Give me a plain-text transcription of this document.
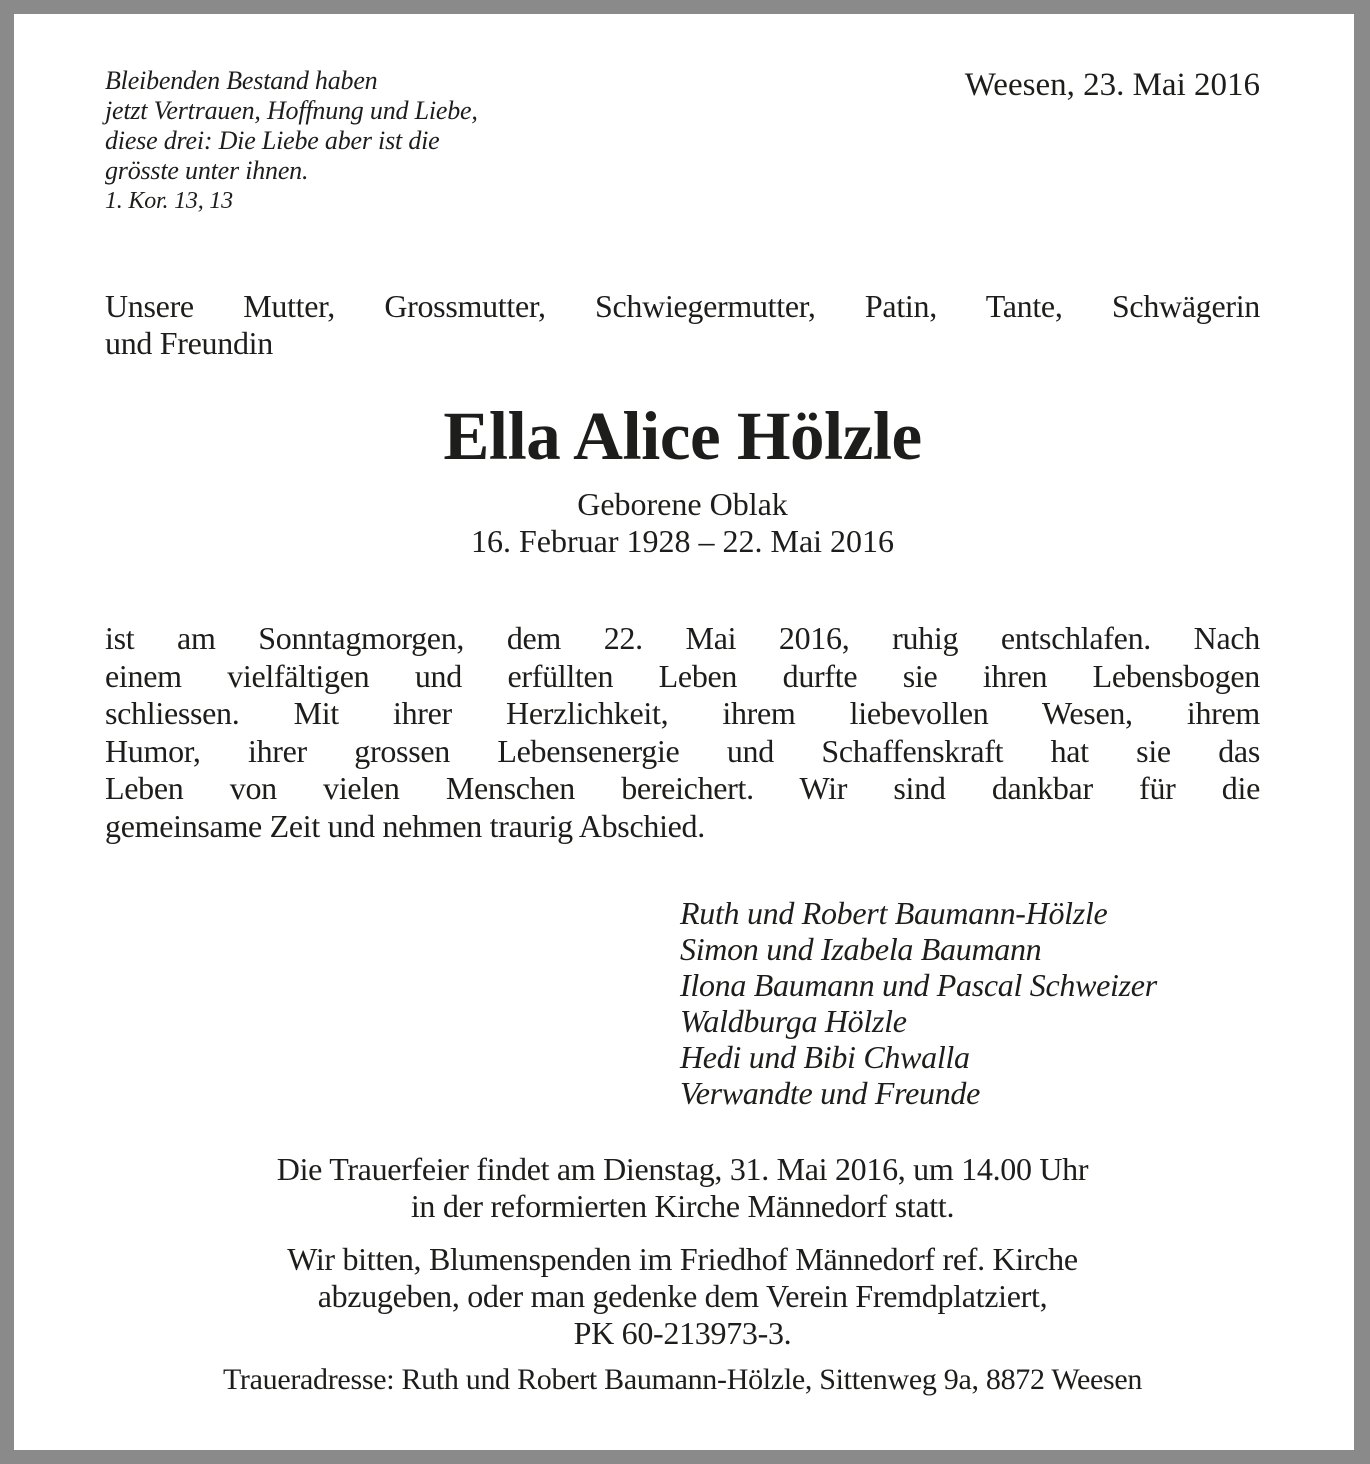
Bleibenden Bestand haben
jetzt Vertrauen, Hoffnung und Liebe,
diese drei: Die Liebe aber ist die
grösste unter ihnen.
1. Kor. 13, 13
Weesen, 23. Mai 2016
Unsere Mutter, Grossmutter, Schwiegermutter, Patin, Tante, Schwägerin
und Freundin
Ella Alice Hölzle
Geborene Oblak
16. Februar 1928 – 22. Mai 2016
ist am Sonntagmorgen, dem 22. Mai 2016, ruhig entschlafen. Nach
einem vielfältigen und erfüllten Leben durfte sie ihren Lebensbogen
schliessen. Mit ihrer Herzlichkeit, ihrem liebevollen Wesen, ihrem
Humor, ihrer grossen Lebensenergie und Schaffenskraft hat sie das
Leben von vielen Menschen bereichert. Wir sind dankbar für die
gemeinsame Zeit und nehmen traurig Abschied.
Ruth und Robert Baumann-Hölzle
Simon und Izabela Baumann
Ilona Baumann und Pascal Schweizer
Waldburga Hölzle
Hedi und Bibi Chwalla
Verwandte und Freunde
Die Trauerfeier findet am Dienstag, 31. Mai 2016, um 14.00 Uhr
in der reformierten Kirche Männedorf statt.
Wir bitten, Blumenspenden im Friedhof Männedorf ref. Kirche
abzugeben, oder man gedenke dem Verein Fremdplatziert,
PK 60-213973-3.
Traueradresse: Ruth und Robert Baumann-Hölzle, Sittenweg 9a, 8872 Weesen
